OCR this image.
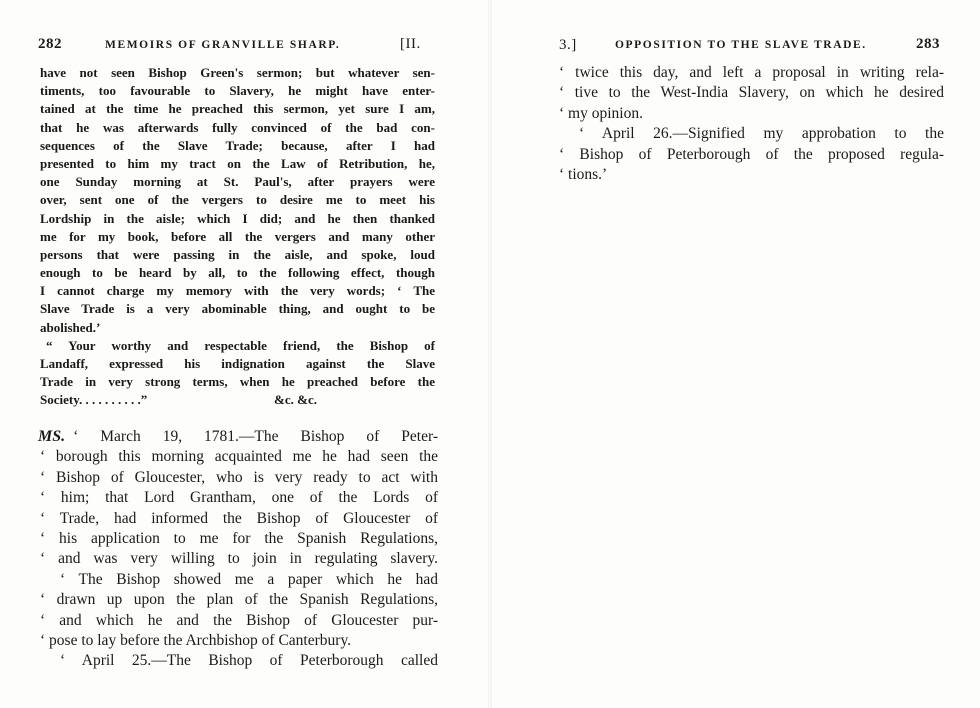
282	MEMOIRS OF GRANVILLE SHARP.	[II.
have not seen Bishop Green's sermon; but whatever sen-
timents, too favourable to Slavery, he might have enter-
tained at the time he preached this sermon, yet sure I am,
that he was afterwards fully convinced of the bad con-
sequences of the Slave Trade; because, after I had
presented to him my tract on the Law of Retribution, he,
one Sunday morning at St. Paul's, after prayers were
over, sent one of the vergers to desire me to meet his
Lordship in the aisle; which I did; and he then thanked
me for my book, before all the vergers and many other
persons that were passing in the aisle, and spoke, loud
enough to be heard by all, to the following effect, though
I cannot charge my memory with the very words; ‘ The
Slave Trade is a very abominable thing, and ought to be
abolished.’
“ Your worthy and respectable friend, the Bishop of
Landaff, expressed his indignation against the Slave
Trade in very strong terms, when he preached before the
Society. . . . . . . . . .”	&c. &c.
MS. ‘ March 19, 1781.—The Bishop of Peter-
‘ borough this morning acquainted me he had seen the
‘ Bishop of Gloucester, who is very ready to act with
‘ him; that Lord Grantham, one of the Lords of
‘ Trade, had informed the Bishop of Gloucester of
‘ his application to me for the Spanish Regulations,
‘ and was very willing to join in regulating slavery.
‘ The Bishop showed me a paper which he had
‘ drawn up upon the plan of the Spanish Regulations,
‘ and which he and the Bishop of Gloucester pur-
‘ pose to lay before the Archbishop of Canterbury.
‘ April 25.—The Bishop of Peterborough called
3.]	OPPOSITION TO THE SLAVE TRADE.	283
‘ twice this day, and left a proposal in writing rela-
‘ tive to the West-India Slavery, on which he desired
‘ my opinion.
‘ April 26.—Signified my approbation to the
‘ Bishop of Peterborough of the proposed regula-
‘ tions.’
